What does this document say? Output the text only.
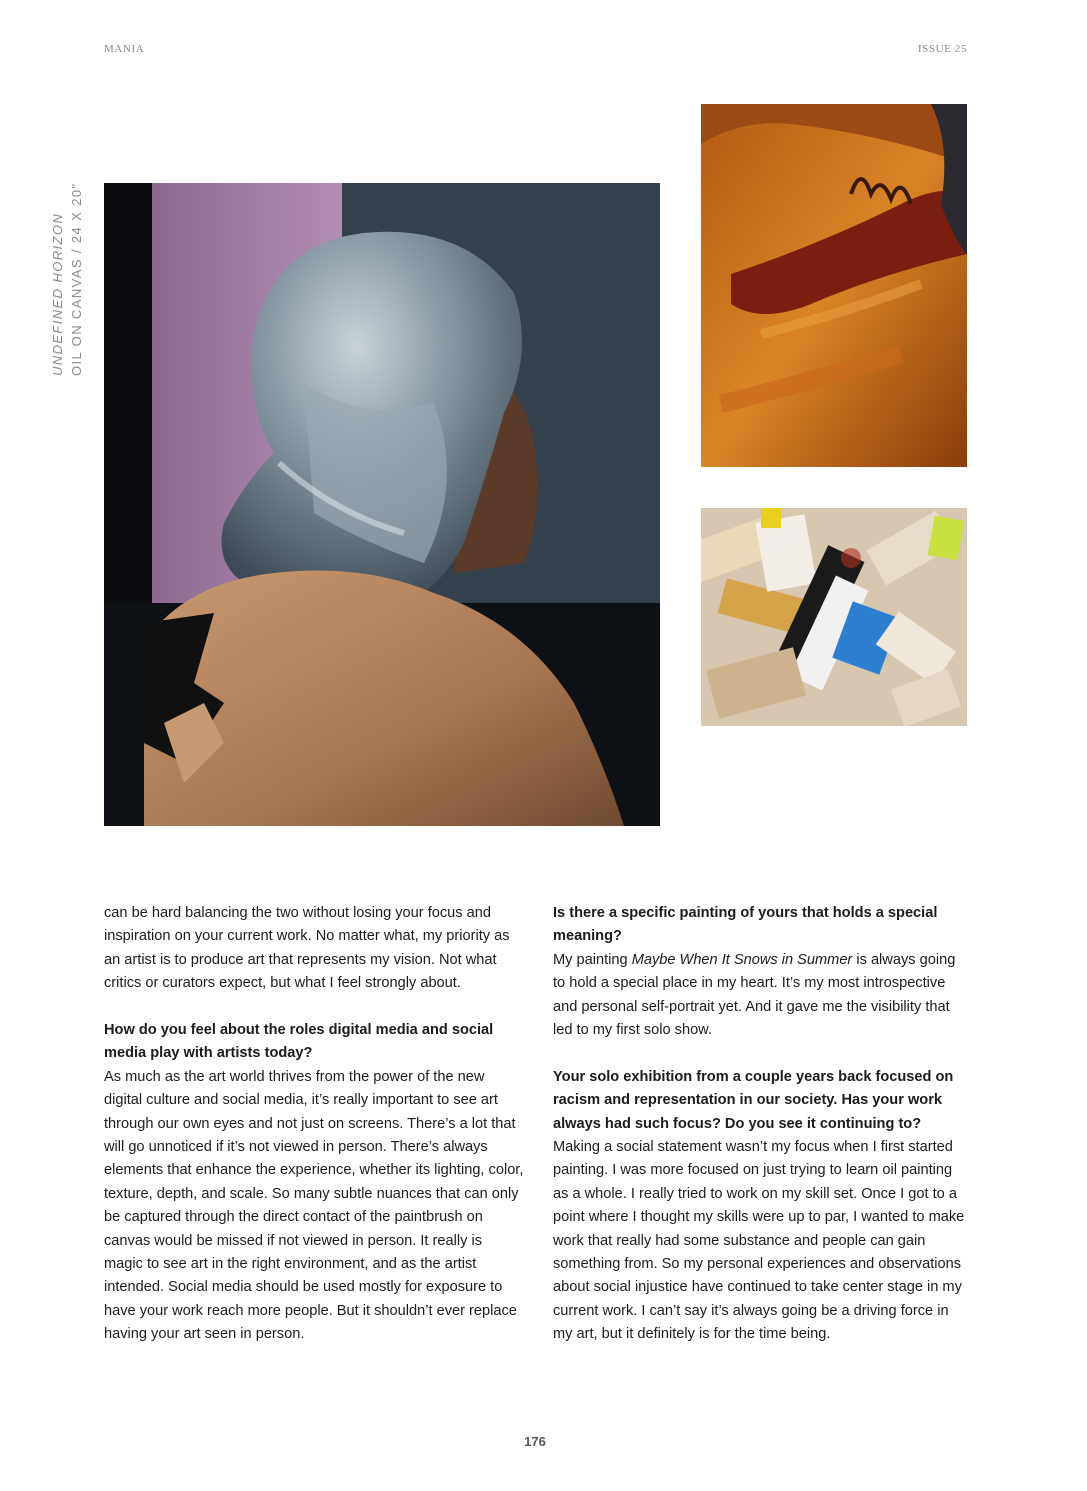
MANIA	ISSUE 25
UNDEFINED HORIZON OIL ON CANVAS / 24 X 20"

can be hard balancing the two without losing your focus and inspiration on your current work. No matter what, my priority as an artist is to produce art that represents my vision. Not what critics or curators expect, but what I feel strongly about.

How do you feel about the roles digital media and social media play with artists today?

As much as the art world thrives from the power of the new digital culture and social media, it’s really important to see art through our own eyes and not just on screens. There’s a lot that will go unnoticed if it’s not viewed in person. There’s always elements that enhance the experience, whether its lighting, color, texture, depth, and scale. So many subtle nuances that can only be captured through the direct contact of the paintbrush on canvas would be missed if not viewed in person. It really is magic to see art in the right environment, and as the artist intended. Social media should be used mostly for exposure to have your work reach more people. But it shouldn’t ever replace having your art seen in person.

Is there a specific painting of yours that holds a special meaning?

My painting Maybe When It Snows in Summer is always going to hold a special place in my heart. It’s my most introspective and personal self-portrait yet. And it gave me the visibility that led to my first solo show.

Your solo exhibition from a couple years back focused on racism and representation in our society. Has your work always had such focus? Do you see it continuing to?

Making a social statement wasn’t my focus when I first started painting. I was more focused on just trying to learn oil painting as a whole. I really tried to work on my skill set. Once I got to a point where I thought my skills were up to par, I wanted to make work that really had some substance and people can gain something from. So my personal experiences and observations about social injustice have continued to take center stage in my current work. I can’t say it’s always going be a driving force in my art, but it definitely is for the time being.

176
